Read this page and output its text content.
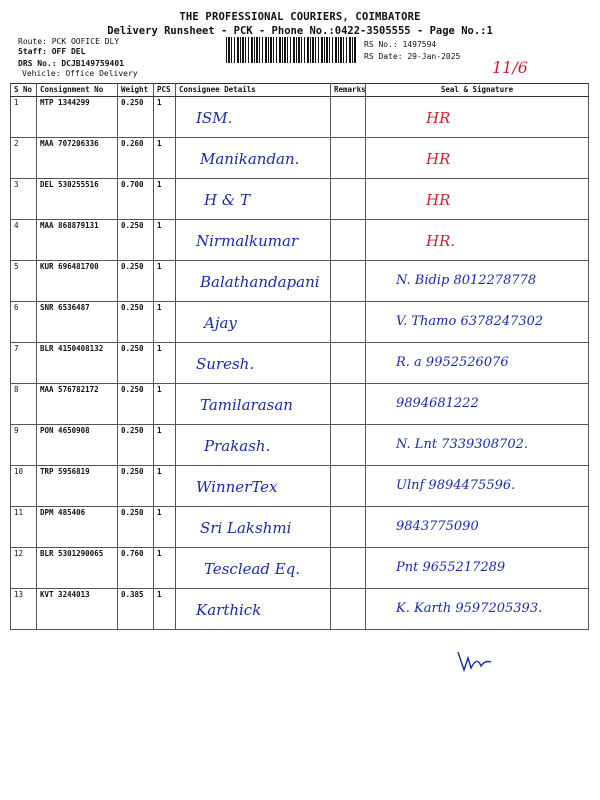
THE PROFESSIONAL COURIERS, COIMBATORE
Delivery Runsheet - PCK - Phone No.:0422-3505555 - Page No.:1
Route: PCK OOFICE DLY
Staff: OFF DEL
DRS No.: DCJB149759401
Vehicle: Office Delivery
RS No.: 1497594
RS Date: 29-Jan-2025
11/6
S No	Consignment No	Weight	PCS	Consignee Details	Remarks	Seal & Signature
1	MTP 1344299	0.250	1	ISM.		HR

2	MAA 707206336	0.260	1	Manikandan.		HR

3	DEL 530255516	0.700	1	H & T		HR

4	MAA 868879131	0.250	1	Nirmalkumar		HR.

5	KUR 696481700	0.250	1	Balathandapani		N. Bidip 8012278778

6	SNR 6536487	0.250	1	Ajay		V. Thamo 6378247302

7	BLR 4150408132	0.250	1	Suresh.		R. a 9952526076

8	MAA 576782172	0.250	1	Tamilarasan		9894681222

9	PON 4650908	0.250	1	Prakash.		N. Lnt 7339308702.

10	TRP 5956819	0.250	1	WinnerTex		Ulnf 9894475596.

11	DPM 485406	0.250	1	Sri Lakshmi		9843775090

12	BLR 5301290065	0.760	1	Tesclead Eq.		Pnt 9655217289

13	KVT 3244013	0.385	1	Karthick		K. Karth 9597205393.
